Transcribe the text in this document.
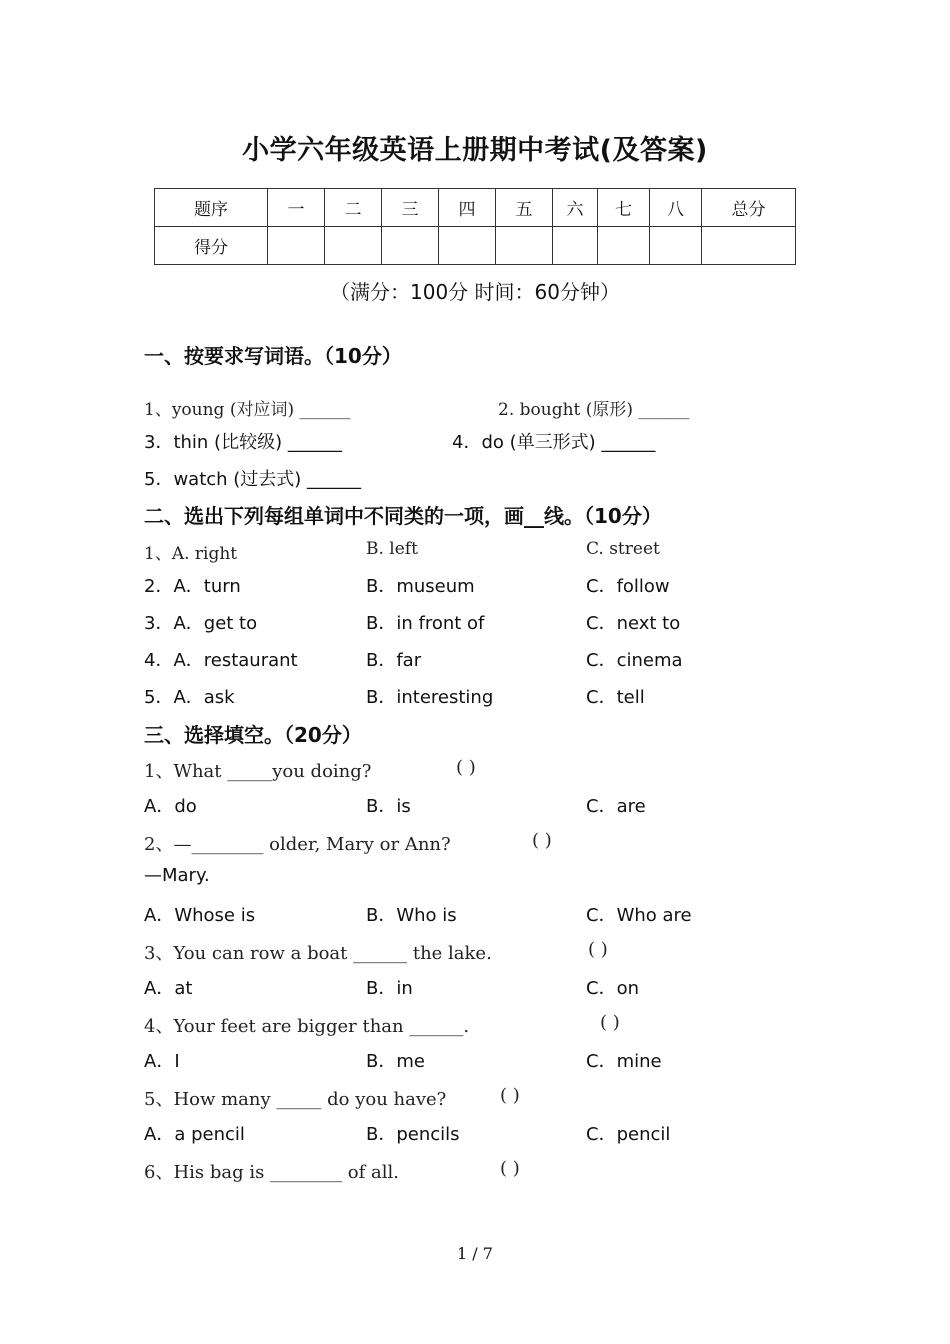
小学六年级英语上册期中考试(及答案)
题序	一	二	三	四	五	六	七	八	总分
得分									
（满分：100分 时间：60分钟）
一、按要求写词语。（10分）
1、young (对应词) ______	2. bought (原形) ______
3．thin (比较级) ______	4．do (单三形式) ______
5．watch (过去式) ______
二、选出下列每组单词中不同类的一项，画__线。（10分）
1、A. right	B. left	C. street
2．A．turn	B．museum	C．follow
3．A．get to	B．in front of	C．next to
4．A．restaurant	B．far	C．cinema
5．A．ask	B．interesting	C．tell
三、选择填空。（20分）
1、What _____you doing?	( )
A．do	B．is	C．are
2、—________ older, Mary or Ann?	( )
—Mary.
A．Whose is	B．Who is	C．Who are
3、You can row a boat ______ the lake.	( )
A．at	B．in	C．on
4、Your feet are bigger than ______.	( )
A．I	B．me	C．mine
5、How many _____ do you have?	( )
A．a pencil	B．pencils	C．pencil
6、His bag is ________ of all.	( )
1 / 7
